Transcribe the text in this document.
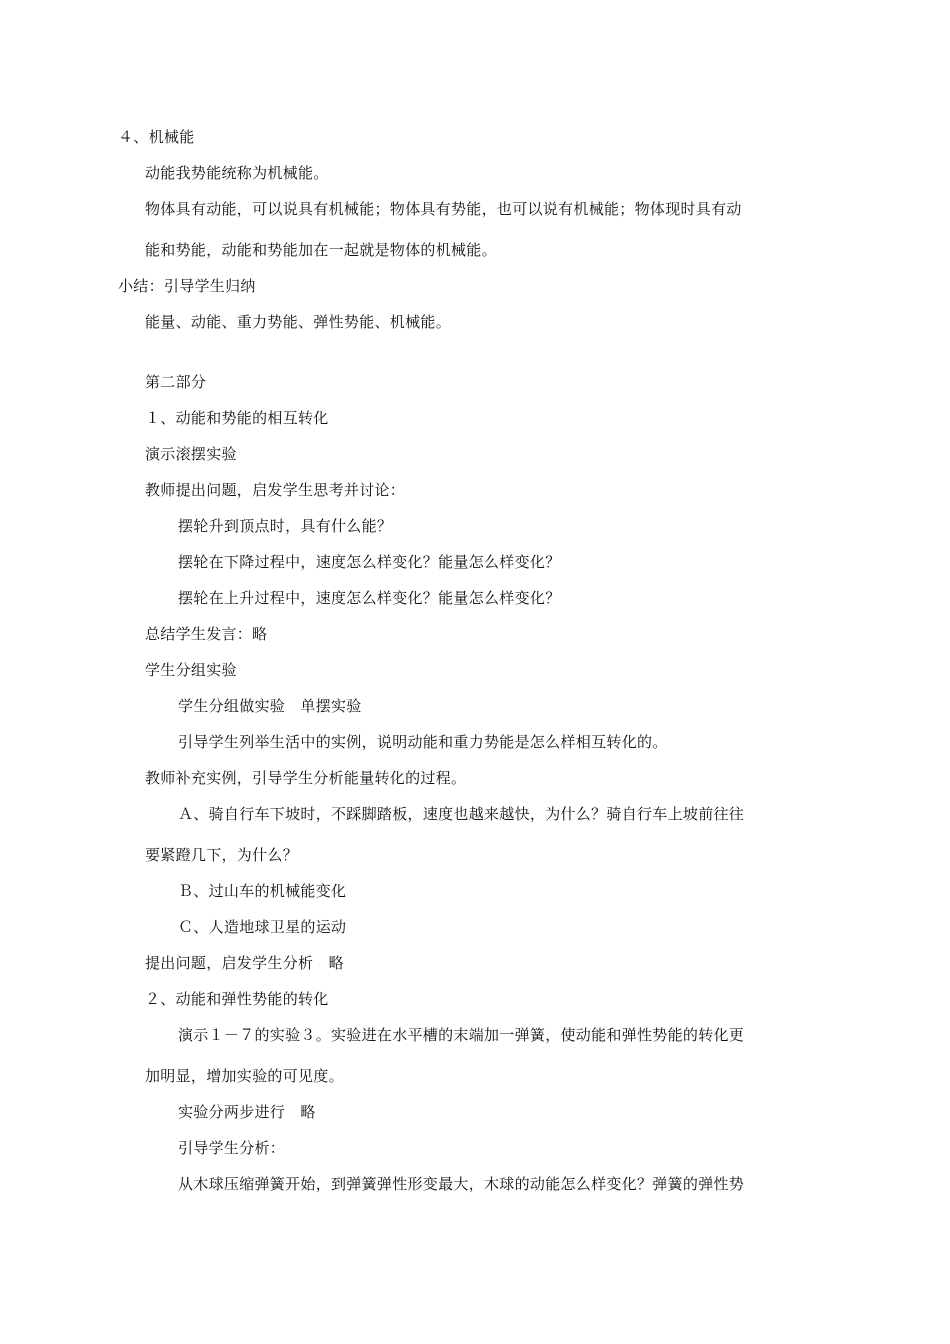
４、机械能
动能我势能统称为机械能。
物体具有动能，可以说具有机械能；物体具有势能，也可以说有机械能；物体现时具有动
能和势能，动能和势能加在一起就是物体的机械能。
小结：引导学生归纳
能量、动能、重力势能、弹性势能、机械能。
第二部分
１、动能和势能的相互转化
演示滚摆实验
教师提出问题，启发学生思考并讨论：
摆轮升到顶点时，具有什么能？
摆轮在下降过程中，速度怎么样变化？能量怎么样变化？
摆轮在上升过程中，速度怎么样变化？能量怎么样变化？
总结学生发言：略
学生分组实验
学生分组做实验　单摆实验
引导学生列举生活中的实例，说明动能和重力势能是怎么样相互转化的。
教师补充实例，引导学生分析能量转化的过程。
Ａ、骑自行车下坡时，不踩脚踏板，速度也越来越快，为什么？骑自行车上坡前往往
要紧蹬几下，为什么？
Ｂ、过山车的机械能变化
Ｃ、人造地球卫星的运动
提出问题，启发学生分析　略
２、动能和弹性势能的转化
演示１－７的实验３。实验进在水平槽的末端加一弹簧，使动能和弹性势能的转化更
加明显，增加实验的可见度。
实验分两步进行　略
引导学生分析：
从木球压缩弹簧开始，到弹簧弹性形变最大，木球的动能怎么样变化？弹簧的弹性势
